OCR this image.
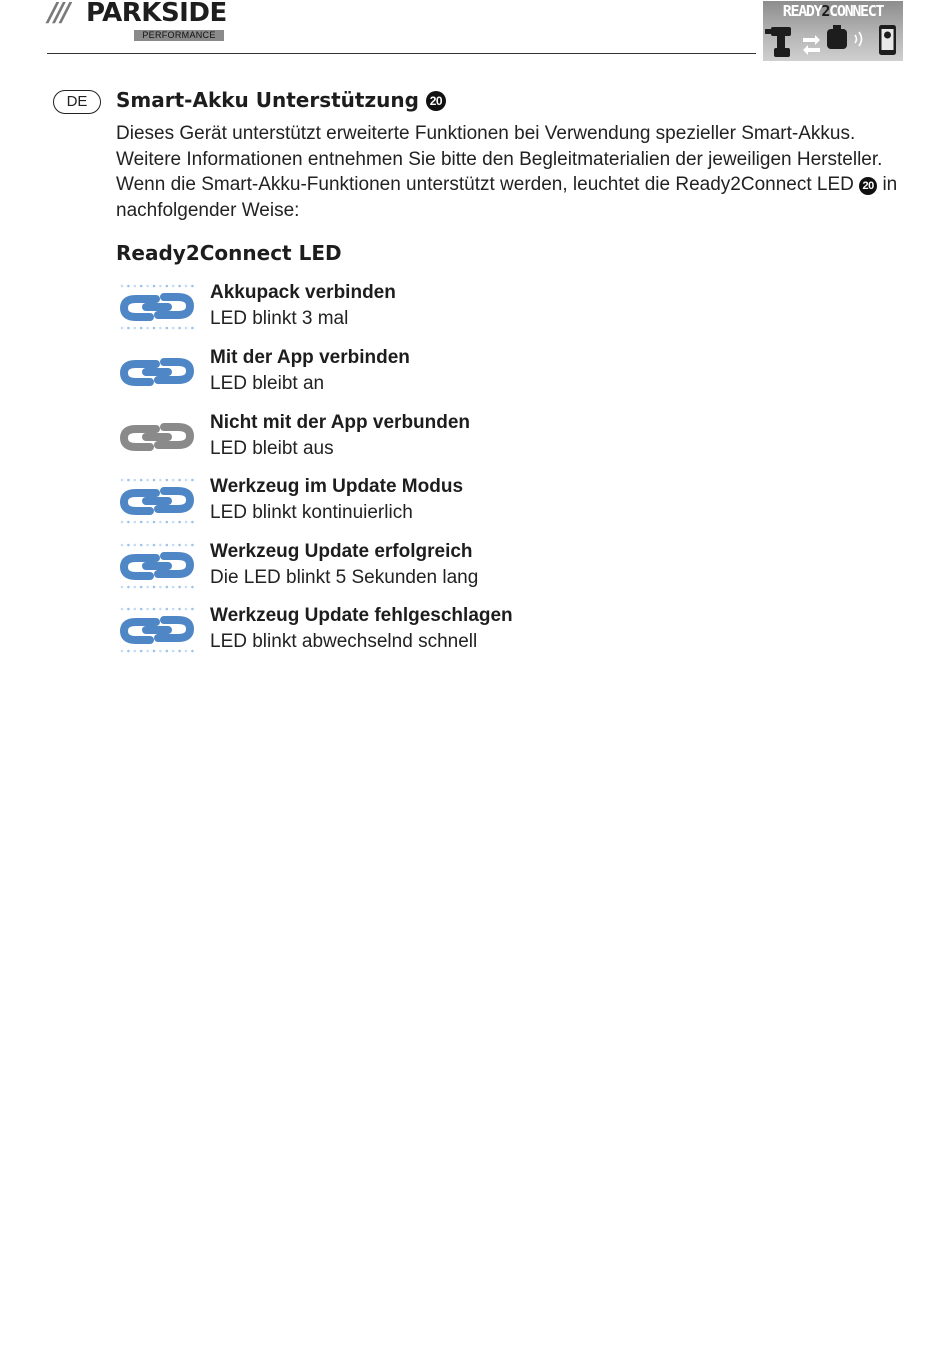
/// PARKSIDE
PERFORMANCE
READY2CONNECT
DE	Smart-Akku Unterstützung 20
Dieses Gerät unterstützt erweiterte Funktionen bei Verwendung spezieller Smart-Akkus. Weitere Informationen entnehmen Sie bitte den Begleitmaterialien der jeweiligen Hersteller. Wenn die Smart-Akku-Funktionen unterstützt werden, leuchtet die Ready2Connect LED 20 in nachfolgender Weise:
Ready2Connect LED
Akkupack verbinden
LED blinkt 3 mal
Mit der App verbinden
LED bleibt an
Nicht mit der App verbunden
LED bleibt aus
Werkzeug im Update Modus
LED blinkt kontinuierlich
Werkzeug Update erfolgreich
Die LED blinkt 5 Sekunden lang
Werkzeug Update fehlgeschlagen
LED blinkt abwechselnd schnell
